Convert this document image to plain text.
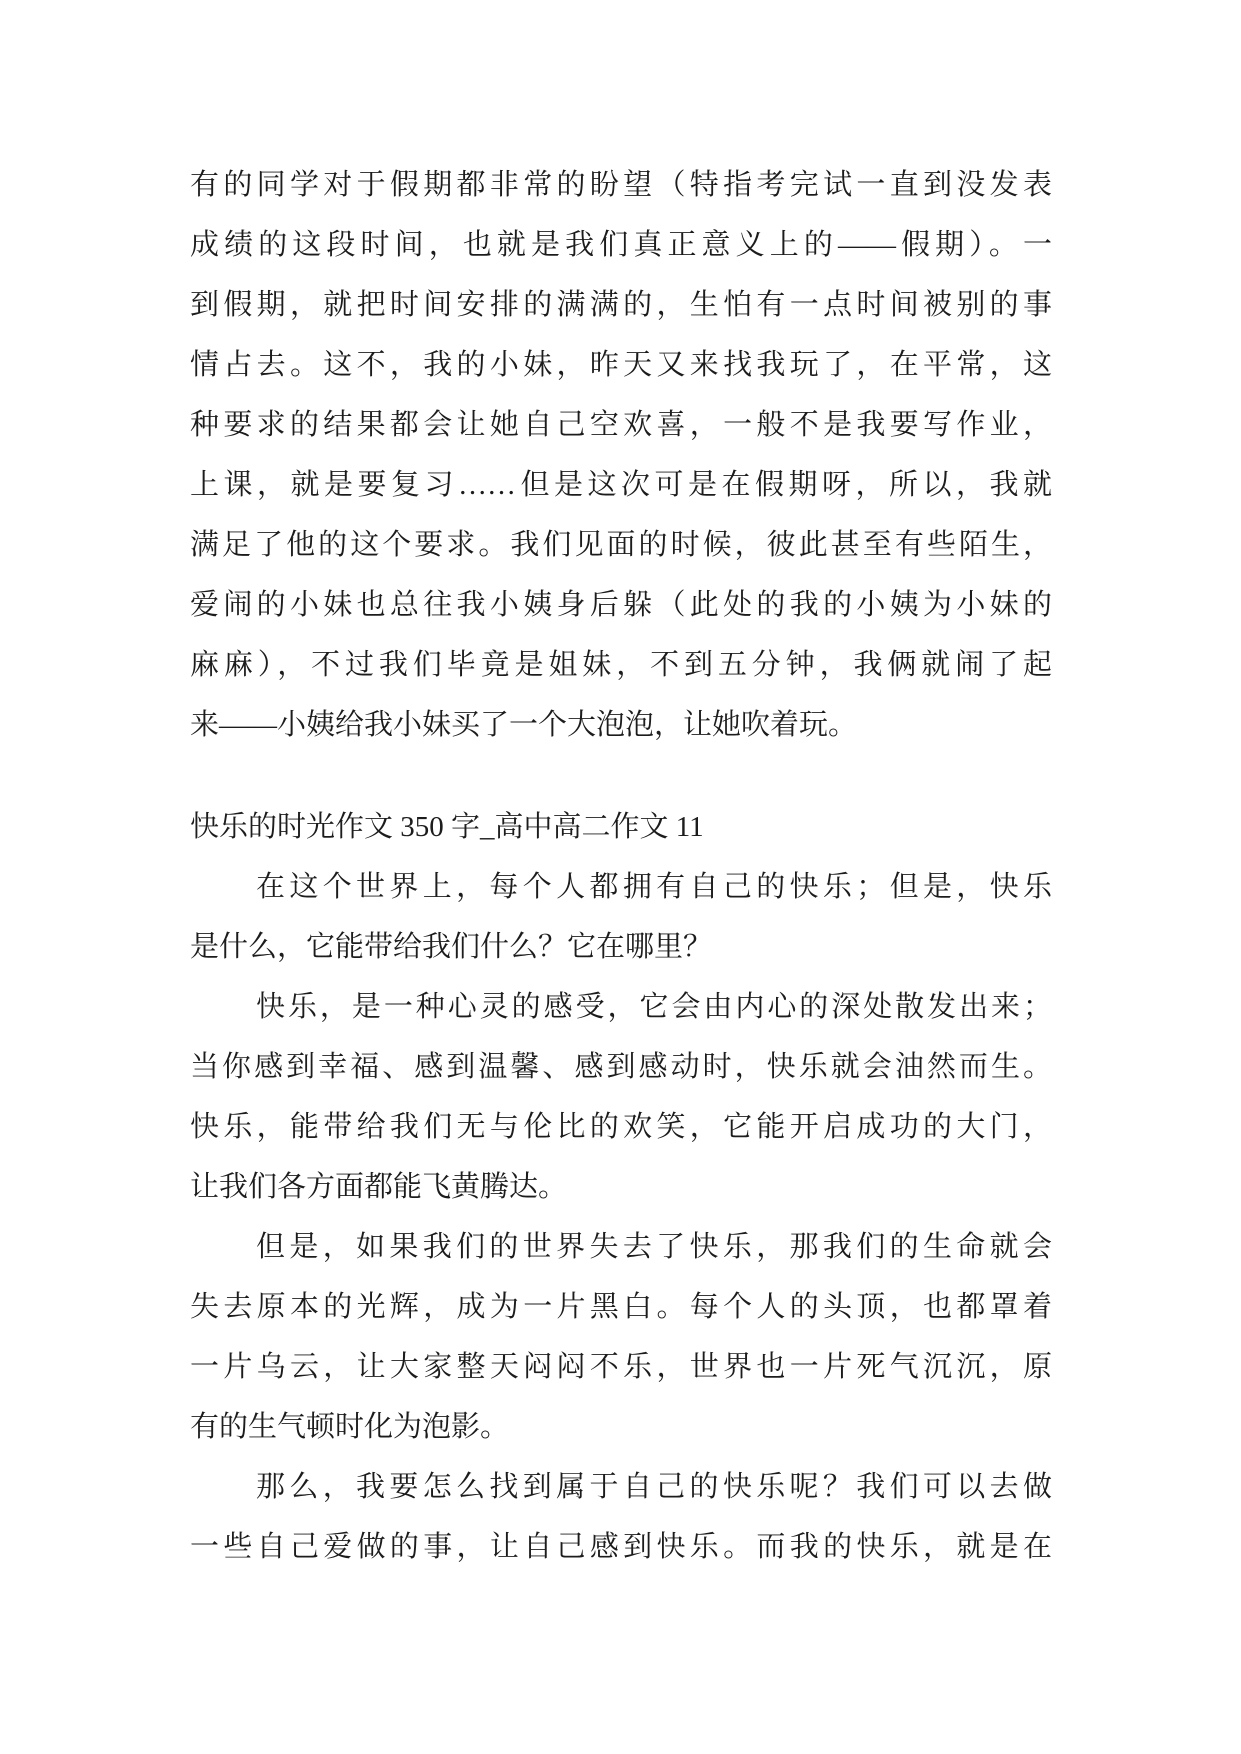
有的同学对于假期都非常的盼望（特指考完试一直到没发表
成绩的这段时间，也就是我们真正意义上的——假期）。一
到假期，就把时间安排的满满的，生怕有一点时间被别的事
情占去。这不，我的小妹，昨天又来找我玩了，在平常，这
种要求的结果都会让她自己空欢喜，一般不是我要写作业，
上课，就是要复习……但是这次可是在假期呀，所以，我就
满足了他的这个要求。我们见面的时候，彼此甚至有些陌生，
爱闹的小妹也总往我小姨身后躲（此处的我的小姨为小妹的
麻麻），不过我们毕竟是姐妹，不到五分钟，我俩就闹了起
来——小姨给我小妹买了一个大泡泡，让她吹着玩。
快乐的时光作文 350 字_高中高二作文 11
在这个世界上，每个人都拥有自己的快乐；但是，快乐
是什么，它能带给我们什么？它在哪里？
快乐，是一种心灵的感受，它会由内心的深处散发出来；
当你感到幸福、感到温馨、感到感动时，快乐就会油然而生。
快乐，能带给我们无与伦比的欢笑，它能开启成功的大门，
让我们各方面都能飞黄腾达。
但是，如果我们的世界失去了快乐，那我们的生命就会
失去原本的光辉，成为一片黑白。每个人的头顶，也都罩着
一片乌云，让大家整天闷闷不乐，世界也一片死气沉沉，原
有的生气顿时化为泡影。
那么，我要怎么找到属于自己的快乐呢？我们可以去做
一些自己爱做的事，让自己感到快乐。而我的快乐，就是在
